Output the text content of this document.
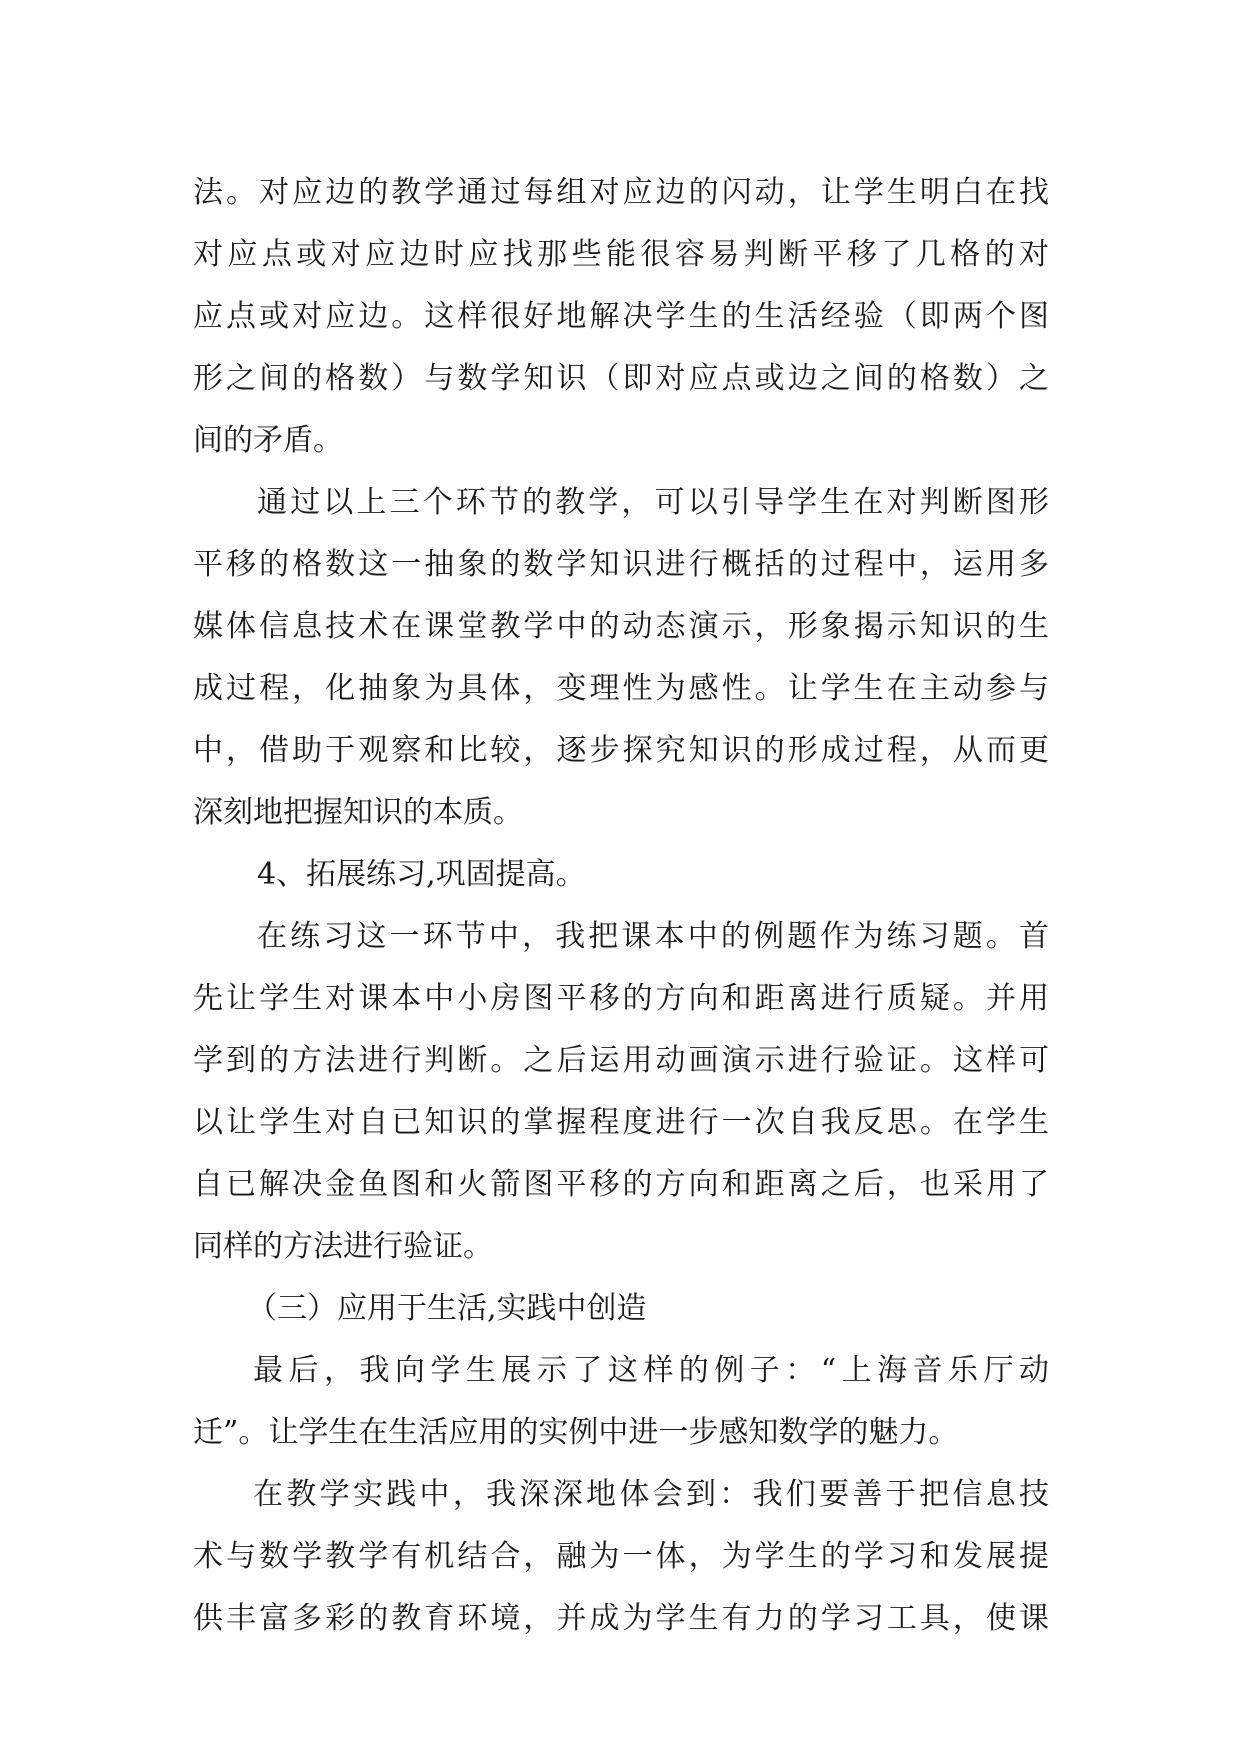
法。对应边的教学通过每组对应边的闪动，让学生明白在找
对应点或对应边时应找那些能很容易判断平移了几格的对
应点或对应边。这样很好地解决学生的生活经验（即两个图
形之间的格数）与数学知识（即对应点或边之间的格数）之
间的矛盾。
通过以上三个环节的教学，可以引导学生在对判断图形
平移的格数这一抽象的数学知识进行概括的过程中，运用多
媒体信息技术在课堂教学中的动态演示，形象揭示知识的生
成过程，化抽象为具体，变理性为感性。让学生在主动参与
中，借助于观察和比较，逐步探究知识的形成过程，从而更
深刻地把握知识的本质。
4、拓展练习,巩固提高。
在练习这一环节中，我把课本中的例题作为练习题。首
先让学生对课本中小房图平移的方向和距离进行质疑。并用
学到的方法进行判断。之后运用动画演示进行验证。这样可
以让学生对自已知识的掌握程度进行一次自我反思。在学生
自已解决金鱼图和火箭图平移的方向和距离之后，也采用了
同样的方法进行验证。
（三）应用于生活,实践中创造
最后，我向学生展示了这样的例子：“上海音乐厅动
迁”。让学生在生活应用的实例中进一步感知数学的魅力。
在教学实践中，我深深地体会到：我们要善于把信息技
术与数学教学有机结合，融为一体，为学生的学习和发展提
供丰富多彩的教育环境，并成为学生有力的学习工具，使课
